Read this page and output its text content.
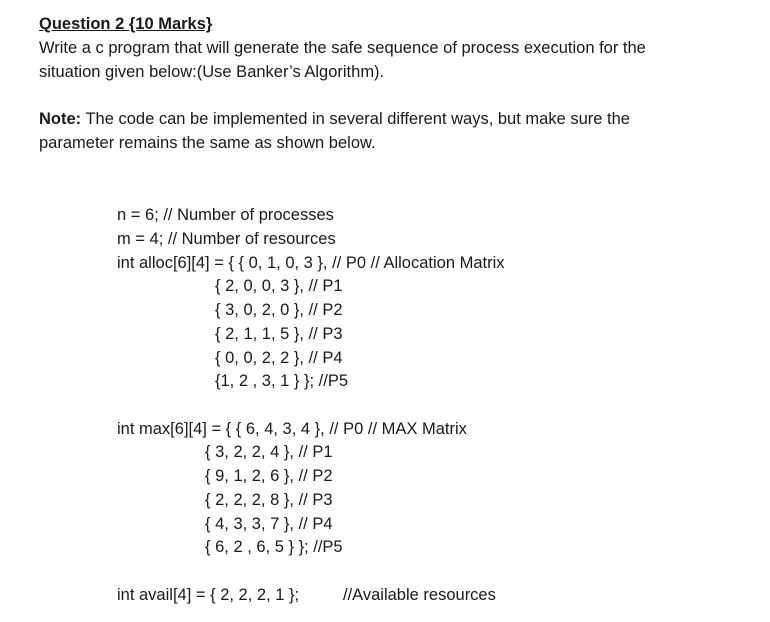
Question 2 {10 Marks}
Write a c program that will generate the safe sequence of process execution for the
situation given below:(Use Banker’s Algorithm).
Note: The code can be implemented in several different ways, but make sure the
parameter remains the same as shown below.
n = 6; // Number of processes
m = 4; // Number of resources
int alloc[6][4] = { { 0, 1, 0, 3 }, // P0 // Allocation Matrix
{ 2, 0, 0, 3 }, // P1
{ 3, 0, 2, 0 }, // P2
{ 2, 1, 1, 5 }, // P3
{ 0, 0, 2, 2 }, // P4
{1, 2 , 3, 1 } }; //P5
int max[6][4] = { { 6, 4, 3, 4 }, // P0 // MAX Matrix
{ 3, 2, 2, 4 }, // P1
{ 9, 1, 2, 6 }, // P2
{ 2, 2, 2, 8 }, // P3
{ 4, 3, 3, 7 }, // P4
{ 6, 2 , 6, 5 } }; //P5
int avail[4] = { 2, 2, 2, 1 };	//Available resources
